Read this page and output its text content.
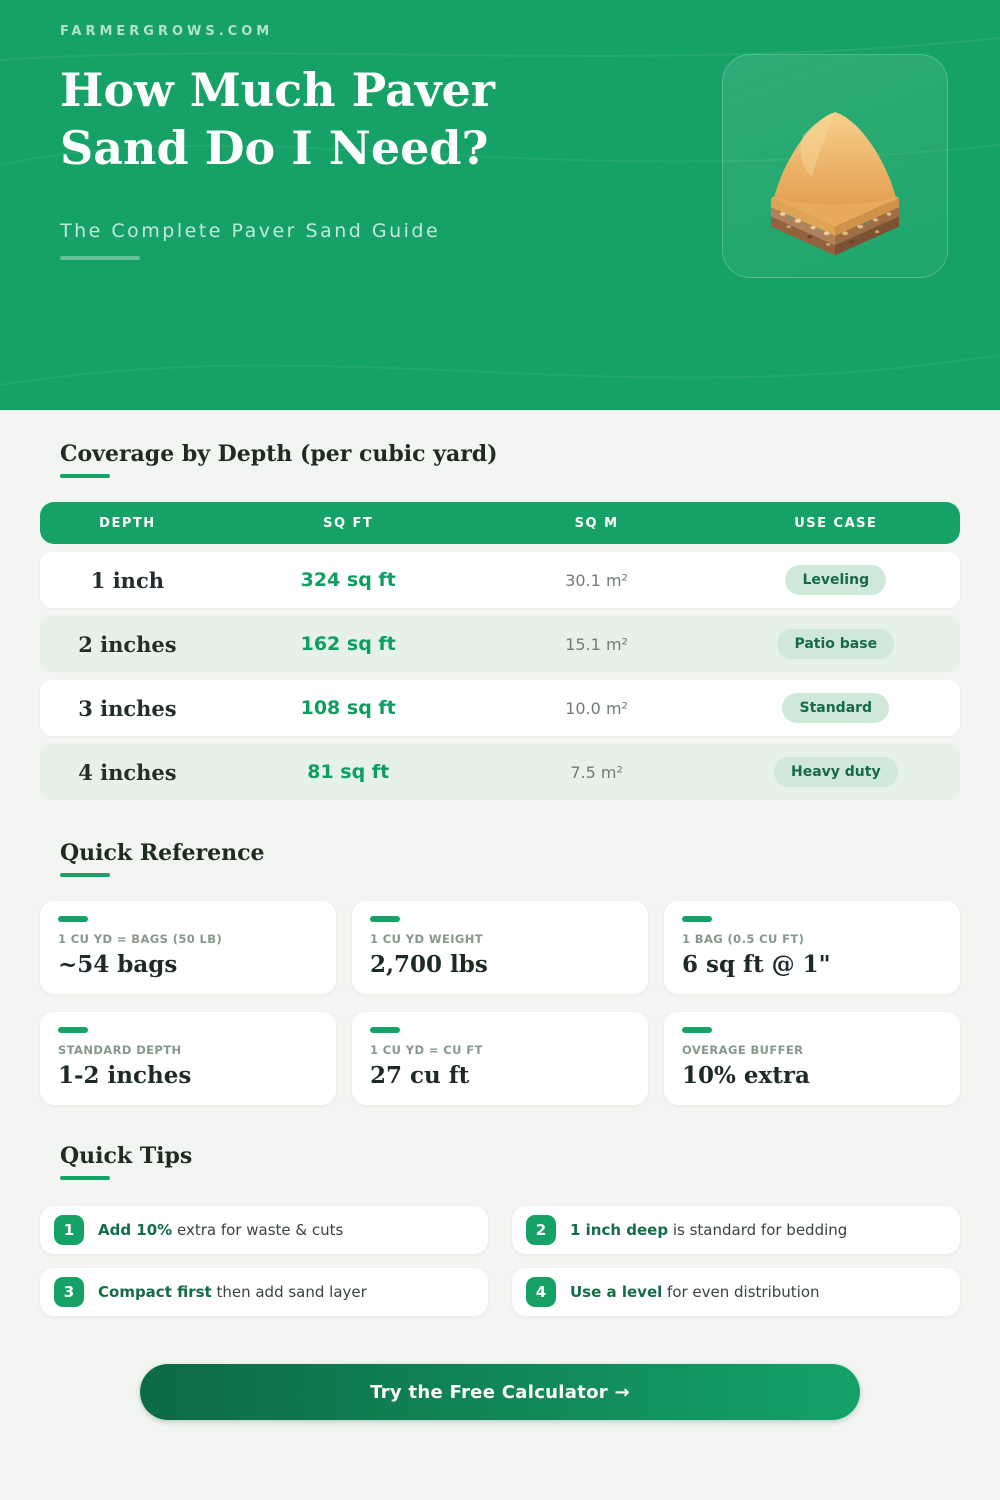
FARMERGROWS.COM
How Much Paver
Sand Do I Need?
The Complete Paver Sand Guide
Coverage by Depth (per cubic yard)
DEPTH	SQ FT	SQ M	USE CASE
1 inch	324 sq ft	30.1 m²	Leveling
2 inches	162 sq ft	15.1 m²	Patio base
3 inches	108 sq ft	10.0 m²	Standard
4 inches	81 sq ft	7.5 m²	Heavy duty
Quick Reference
1 CU YD = BAGS (50 LB)
~54 bags
1 CU YD WEIGHT
2,700 lbs
1 BAG (0.5 CU FT)
6 sq ft @ 1"
STANDARD DEPTH
1-2 inches
1 CU YD = CU FT
27 cu ft
OVERAGE BUFFER
10% extra
Quick Tips
1	Add 10% extra for waste & cuts	2	1 inch deep is standard for bedding
3	Compact first then add sand layer	4	Use a level for even distribution
Try the Free Calculator →
